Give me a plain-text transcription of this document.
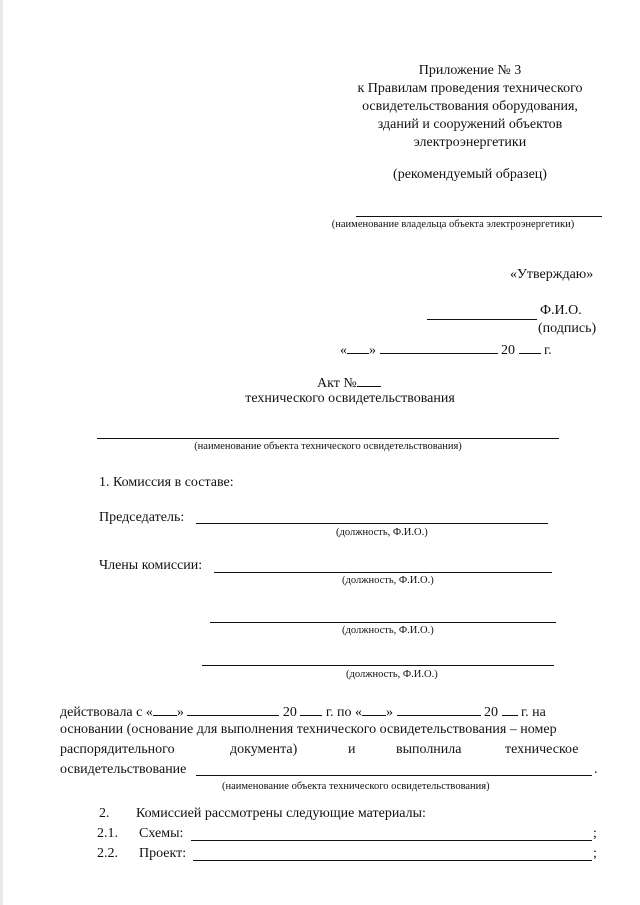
Приложение № 3
к Правилам проведения технического
освидетельствования оборудования,
зданий и сооружений объектов
электроэнергетики
(рекомендуемый образец)
(наименование владельца объекта электроэнергетики)
«Утверждаю»
Ф.И.О.
(подпись)
« »	20 г.
Акт №
технического освидетельствования
(наименование объекта технического освидетельствования)
1. Комиссия в составе:
Председатель:
(должность, Ф.И.О.)
Члены комиссии:
(должность, Ф.И.О.)
(должность, Ф.И.О.)
(должность, Ф.И.О.)
действовала с « »	20 г. по « »	20 г. на
основании (основание для выполнения технического освидетельствования – номер
распорядительного	документа)	и	выполнила	техническое
освидетельствование	.
(наименование объекта технического освидетельствования)
2. Комиссией рассмотрены следующие материалы:
2.1. Схемы:	;
2.2. Проект:	;
